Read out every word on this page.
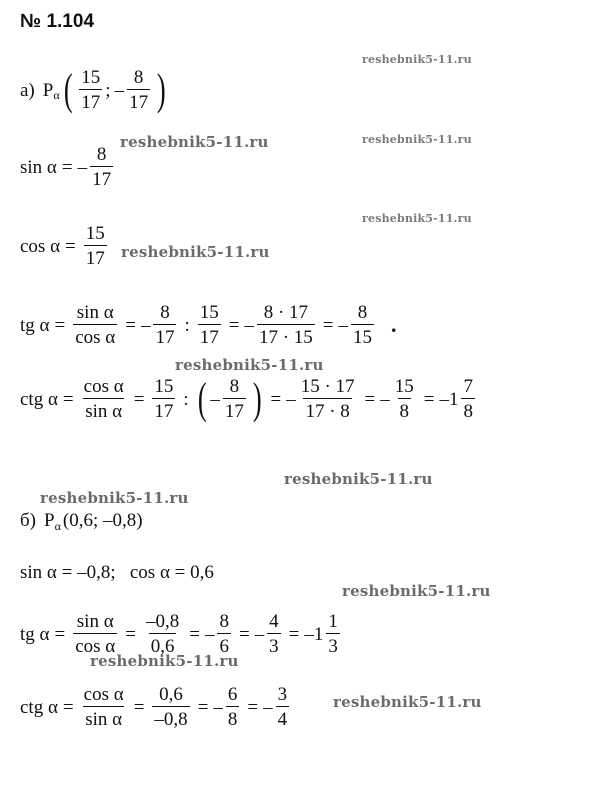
№ 1.104
reshebnik5-11.ru
reshebnik5-11.ru
reshebnik5-11.ru
reshebnik5-11.ru
reshebnik5-11.ru
reshebnik5-11.ru
reshebnik5-11.ru
reshebnik5-11.ru
reshebnik5-11.ru
reshebnik5-11.ru
reshebnik5-11.ru
а) P α ( $\frac{15}{17}$ ; – $\frac{8}{17}$ )
sin α = – $\frac{8}{17}$
$\cos \alpha = \frac{15}{17}$
tg $\alpha = \frac{\text{sin α}}{\text{cos α}}$ = – $\frac{8}{17}$ : $\frac{15}{17}$ = – $\frac{8 \cdot 17}{17 \cdot 15}$ = – $\frac{8}{15}$ .
ctg $\alpha = \frac{\text{cos α}}{\text{sin α}} = \frac{15}{17}$ : ( – $\frac{8}{17}$ ) = – $\frac{15 \cdot 17}{17 \cdot 8}$ = – $\frac{15}{8} = -1 \frac{7}{8}$
б) P α (0,6; –0,8)
sin α = –0,8;   cos α = 0,6
tg $\alpha = \frac{\text{sin α}}{\text{cos α}} = \frac{-0,8}{0,6}$ = – $\frac{8}{6}$ = – $\frac{4}{3} = -1 \frac{1}{3}$
ctg $\alpha = \frac{\text{cos α}}{\text{sin α}} = \frac{0,6}{-0,8}$ = – $\frac{6}{8}$ = – $\frac{3}{4}$
